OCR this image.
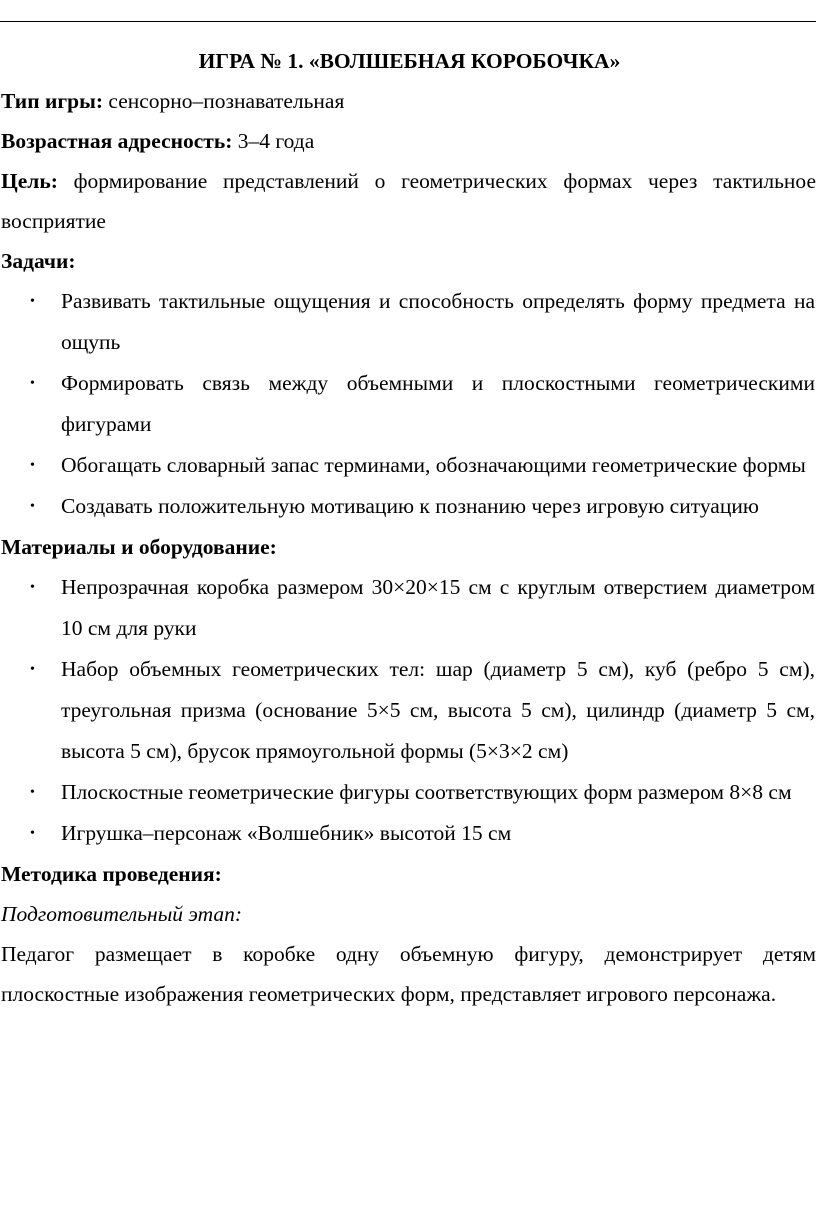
ИГРА № 1. «ВОЛШЕБНАЯ КОРОБОЧКА»

Тип игры: сенсорно–познавательная

Возрастная адресность: 3–4 года

Цель: формирование представлений о геометрических формах через тактильное восприятие

Задачи:

• Развивать тактильные ощущения и способность определять форму предмета на ощупь
• Формировать связь между объемными и плоскостными геометрическими фигурами
• Обогащать словарный запас терминами, обозначающими геометрические формы
• Создавать положительную мотивацию к познанию через игровую ситуацию

Материалы и оборудование:

• Непрозрачная коробка размером 30×20×15 см с круглым отверстием диаметром 10 см для руки
• Набор объемных геометрических тел: шар (диаметр 5 см), куб (ребро 5 см), треугольная призма (основание 5×5 см, высота 5 см), цилиндр (диаметр 5 см, высота 5 см), брусок прямоугольной формы (5×3×2 см)
• Плоскостные геометрические фигуры соответствующих форм размером 8×8 см
• Игрушка–персонаж «Волшебник» высотой 15 см

Методика проведения:

Подготовительный этап:

Педагог размещает в коробке одну объемную фигуру, демонстрирует детям плоскостные изображения геометрических форм, представляет игрового персонажа.
